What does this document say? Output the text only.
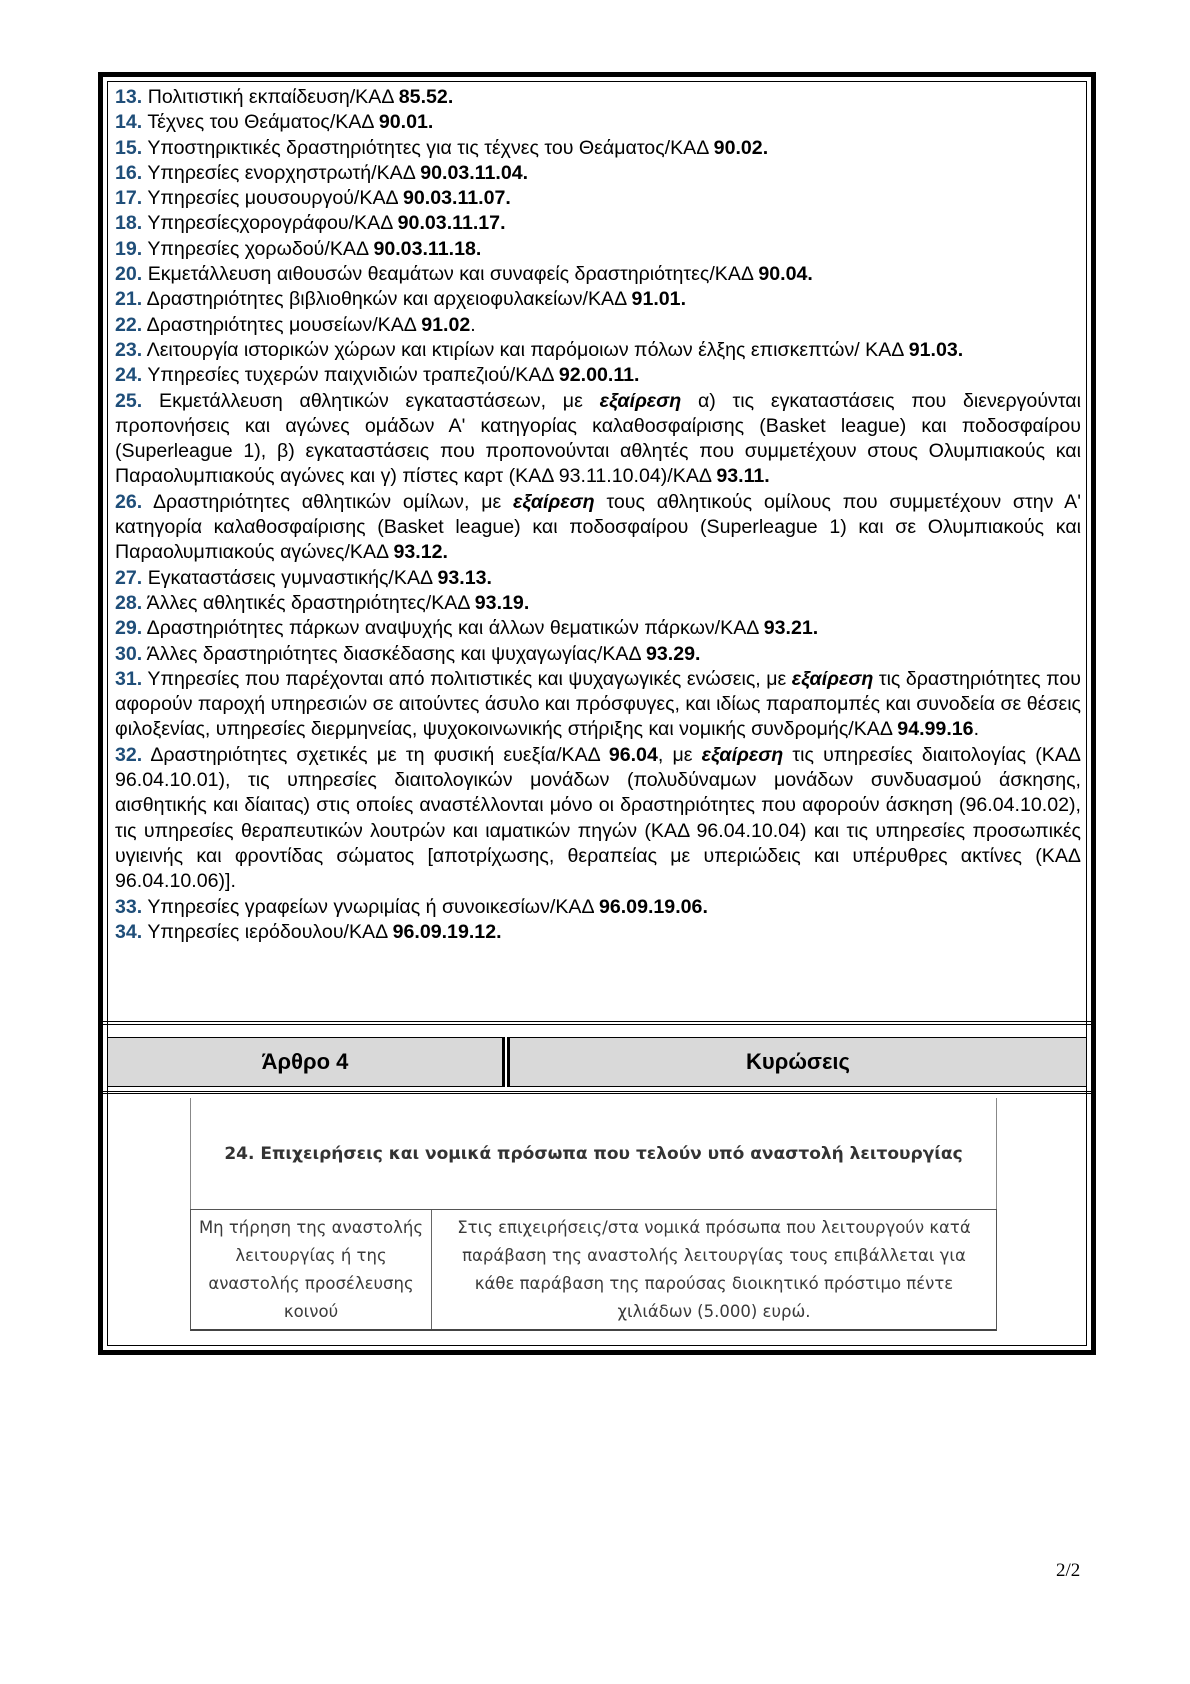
13. Πολιτιστική εκπαίδευση/ΚΑΔ 85.52.
14. Τέχνες του Θεάματος/ΚΑΔ 90.01.
15. Υποστηρικτικές δραστηριότητες για τις τέχνες του Θεάματος/ΚΑΔ 90.02.
16. Υπηρεσίες ενορχηστρωτή/ΚΑΔ 90.03.11.04.
17. Υπηρεσίες μουσουργού/ΚΑΔ 90.03.11.07.
18. Υπηρεσίεςχορογράφου/ΚΑΔ 90.03.11.17.
19. Υπηρεσίες χορωδού/ΚΑΔ 90.03.11.18.
20. Εκμετάλλευση αιθουσών θεαμάτων και συναφείς δραστηριότητες/ΚΑΔ 90.04.
21. Δραστηριότητες βιβλιοθηκών και αρχειοφυλακείων/ΚΑΔ 91.01.
22. Δραστηριότητες μουσείων/ΚΑΔ 91.02.
23. Λειτουργία ιστορικών χώρων και κτιρίων και παρόμοιων πόλων έλξης επισκεπτών/ ΚΑΔ 91.03.
24. Υπηρεσίες τυχερών παιχνιδιών τραπεζιού/ΚΑΔ 92.00.11.
25. Εκμετάλλευση αθλητικών εγκαταστάσεων, με εξαίρεση α) τις εγκαταστάσεις που διενεργούνται προπονήσεις και αγώνες ομάδων Α' κατηγορίας καλαθοσφαίρισης (Basket league) και ποδοσφαίρου (Superleague 1), β) εγκαταστάσεις που προπονούνται αθλητές που συμμετέχουν στους Ολυμπιακούς και Παραολυμπιακούς αγώνες και γ) πίστες καρτ (ΚΑΔ 93.11.10.04)/ΚΑΔ 93.11.
26. Δραστηριότητες αθλητικών ομίλων, με εξαίρεση τους αθλητικούς ομίλους που συμμετέχουν στην Α' κατηγορία καλαθοσφαίρισης (Basket league) και ποδοσφαίρου (Superleague 1) και σε Ολυμπιακούς και Παραολυμπιακούς αγώνες/ΚΑΔ 93.12.
27. Εγκαταστάσεις γυμναστικής/ΚΑΔ 93.13.
28. Άλλες αθλητικές δραστηριότητες/ΚΑΔ 93.19.
29. Δραστηριότητες πάρκων αναψυχής και άλλων θεματικών πάρκων/ΚΑΔ 93.21.
30. Άλλες δραστηριότητες διασκέδασης και ψυχαγωγίας/ΚΑΔ 93.29.
31. Υπηρεσίες που παρέχονται από πολιτιστικές και ψυχαγωγικές ενώσεις, με εξαίρεση τις δραστηριότητες που αφορούν παροχή υπηρεσιών σε αιτούντες άσυλο και πρόσφυγες, και ιδίως παραπομπές και συνοδεία σε θέσεις φιλοξενίας, υπηρεσίες διερμηνείας, ψυχοκοινωνικής στήριξης και νομικής συνδρομής/ΚΑΔ 94.99.16.
32. Δραστηριότητες σχετικές με τη φυσική ευεξία/ΚΑΔ 96.04, με εξαίρεση τις υπηρεσίες διαιτολογίας (ΚΑΔ 96.04.10.01), τις υπηρεσίες διαιτολογικών μονάδων (πολυδύναμων μονάδων συνδυασμού άσκησης, αισθητικής και δίαιτας) στις οποίες αναστέλλονται μόνο οι δραστηριότητες που αφορούν άσκηση (96.04.10.02), τις υπηρεσίες θεραπευτικών λουτρών και ιαματικών πηγών (ΚΑΔ 96.04.10.04) και τις υπηρεσίες προσωπικές υγιεινής και φροντίδας σώματος [αποτρίχωσης, θεραπείας με υπεριώδεις και υπέρυθρες ακτίνες (ΚΑΔ 96.04.10.06)].
33. Υπηρεσίες γραφείων γνωριμίας ή συνοικεσίων/ΚΑΔ 96.09.19.06.
34. Υπηρεσίες ιερόδουλου/ΚΑΔ 96.09.19.12.
Άρθρο 4	Κυρώσεις
24. Επιχειρήσεις και νομικά πρόσωπα που τελούν υπό αναστολή λειτουργίας
Μη τήρηση της αναστολής λειτουργίας ή της αναστολής προσέλευσης κοινού
Στις επιχειρήσεις/στα νομικά πρόσωπα που λειτουργούν κατά παράβαση της αναστολής λειτουργίας τους επιβάλλεται για κάθε παράβαση της παρούσας διοικητικό πρόστιμο πέντε χιλιάδων (5.000) ευρώ.
2/2
